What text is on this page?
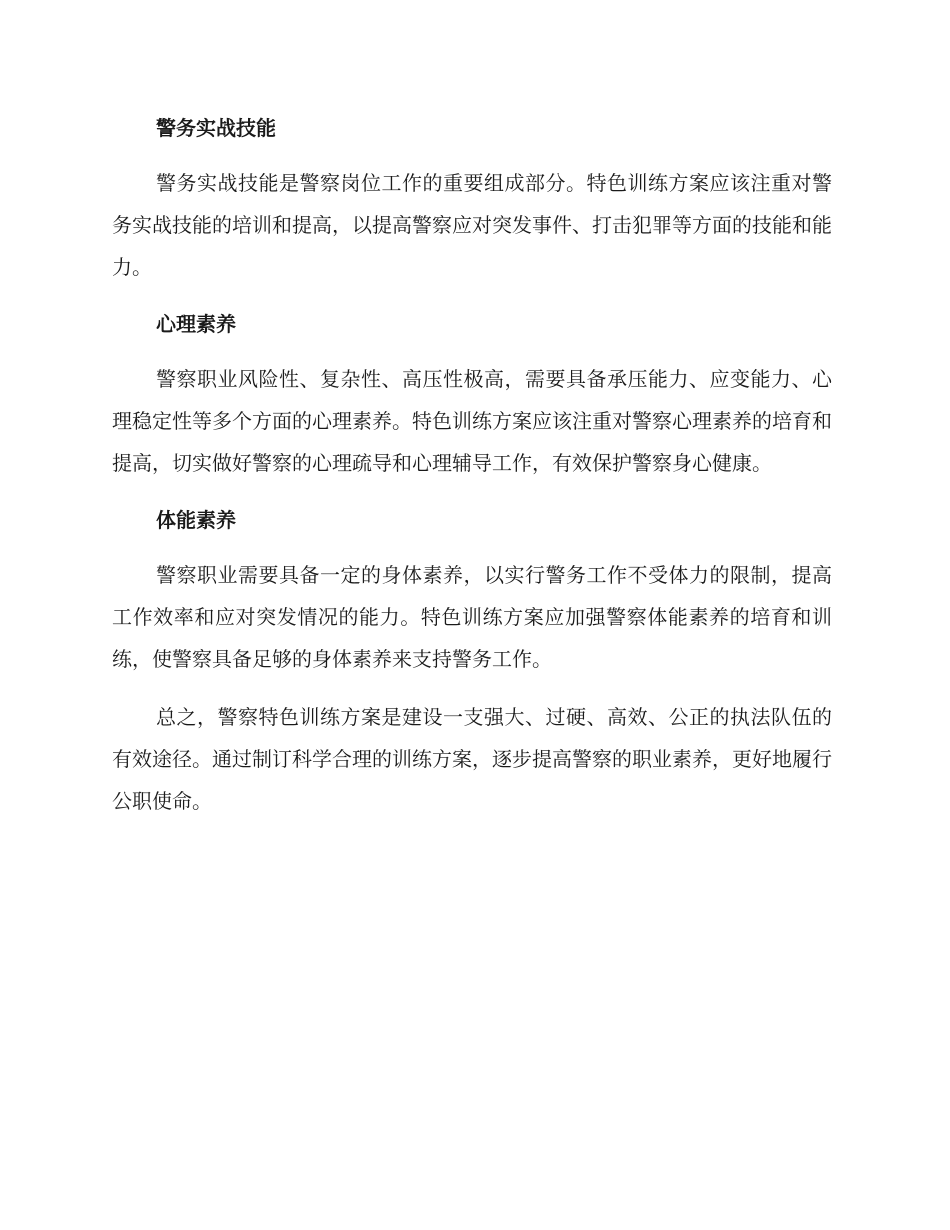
警务实战技能

警务实战技能是警察岗位工作的重要组成部分。特色训练方案应该注重对警务实战技能的培训和提高，以提高警察应对突发事件、打击犯罪等方面的技能和能力。

心理素养

警察职业风险性、复杂性、高压性极高，需要具备承压能力、应变能力、心理稳定性等多个方面的心理素养。特色训练方案应该注重对警察心理素养的培育和提高，切实做好警察的心理疏导和心理辅导工作，有效保护警察身心健康。

体能素养

警察职业需要具备一定的身体素养，以实行警务工作不受体力的限制，提高工作效率和应对突发情况的能力。特色训练方案应加强警察体能素养的培育和训练，使警察具备足够的身体素养来支持警务工作。

总之，警察特色训练方案是建设一支强大、过硬、高效、公正的执法队伍的有效途径。通过制订科学合理的训练方案，逐步提高警察的职业素养，更好地履行公职使命。
